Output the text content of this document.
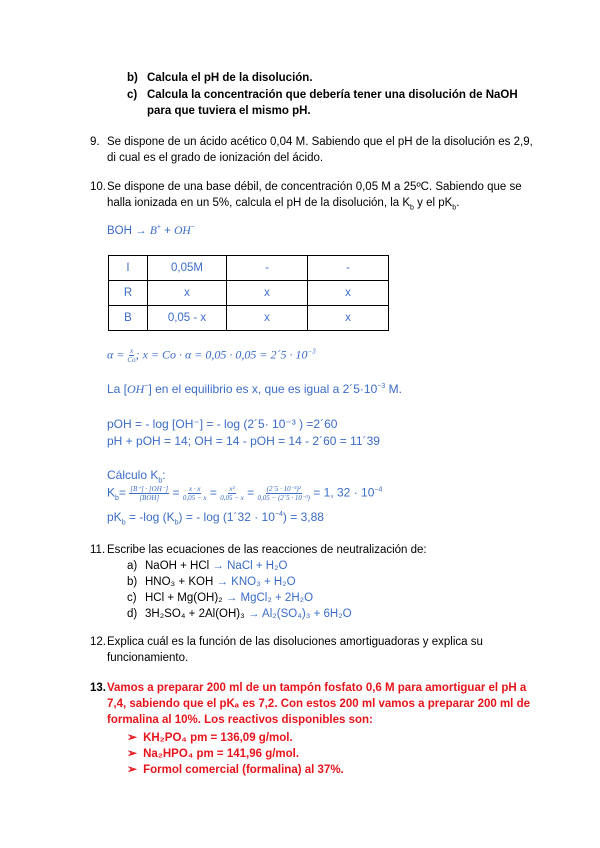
b) Calcula el pH de la disolución.
c) Calcula la concentración que debería tener una disolución de NaOH
para que tuviera el mismo pH.
9. Se dispone de un ácido acético 0,04 M. Sabiendo que el pH de la disolución es 2,9,
di cual es el grado de ionización del ácido.
10. Se dispone de una base débil, de concentración 0,05 M a 25ºC. Sabiendo que se
halla ionizada en un 5%, calcula el pH de la disolución, la $K_b$ y el $pK_b$.
BOH → B+ + OH−
I	0,05M	-	-
R	x	x	x
B	0,05 - x	x	x
$\alpha = \frac{x}{Co}$ ; x = Co · α = 0,05 · 0,05 = 2´5 · $10^{-3}$
La [OH−] en el equilibrio es x, que es igual a $2´5\cdot 10^{-3}$ M.
pOH = - log [OH⁻] = - log (2´5· 10⁻³ ) =2´60
pH + pOH = 14; OH = 14 - pOH = 14 - 2´60 = 11´39
Cálculo $K_b$:
$K_b= \frac{[B^+] \cdot [OH^-]}{\text{[BOH]}} = \frac{x \cdot x}{0,05 - x} = \frac{\text{x²}}{0,05 - x} = \frac{\text{(2´5 · 10⁻³)²}}{\text{0,05 − (2´5 · 10⁻³)}} = 1$, $32 \cdot 10^{-4}$
$pK_b = -\log$ $(K_b)$ = - log (1´32 · $10^{-4}) = 3,88$
11. Escribe las ecuaciones de las reacciones de neutralización de:
a) NaOH + HCl → NaCl + H₂O
b) HNO₃ + KOH → KNO₃ + H₂O
c) HCl + Mg(OH)₂ → MgCl₂ + 2H₂O
d) 3H₂SO₄ + 2Al(OH)₃ → Al₂(SO₄)₃ + 6H₂O
12. Explica cuál es la función de las disoluciones amortiguadoras y explica su
funcionamiento.
13. Vamos a preparar 200 ml de un tampón fosfato 0,6 M para amortiguar el pH a
7,4, sabiendo que el pKₐ es 7,2. Con estos 200 ml vamos a preparar 200 ml de
formalina al 10%. Los reactivos disponibles son:
➢ KH₂PO₄ pm = 136,09 g/mol.
➢ Na₂HPO₄ pm = 141,96 g/mol.
➢ Formol comercial (formalina) al 37%.
